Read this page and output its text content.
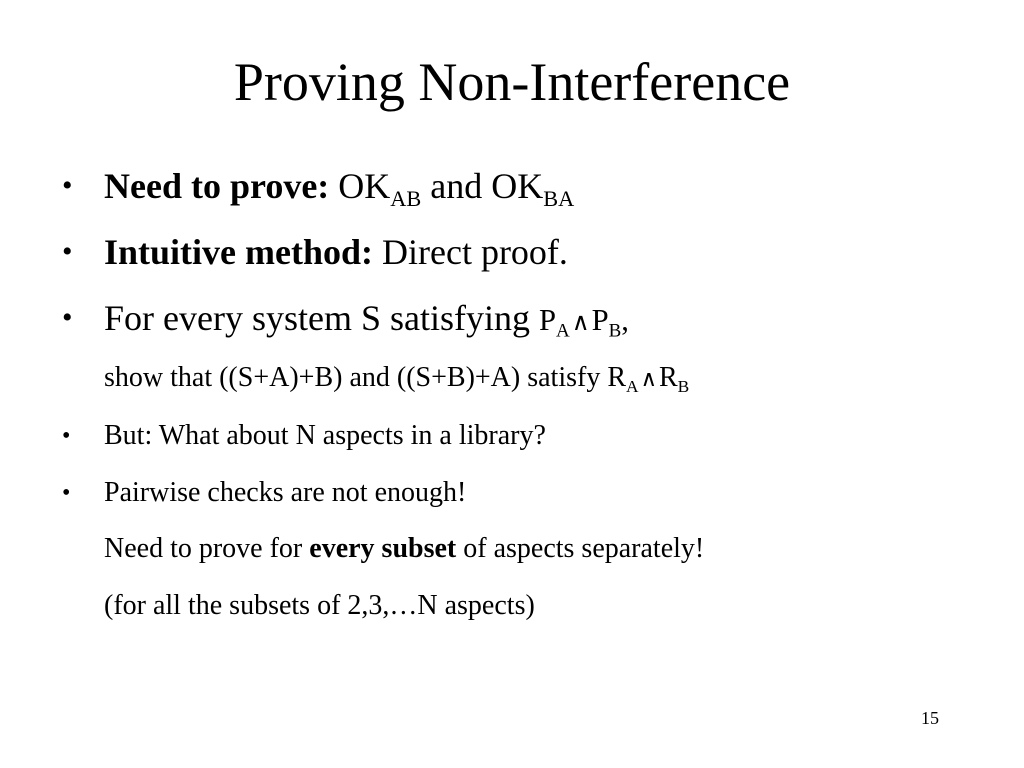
Proving Non-Interference
• Need to prove: $OK_{AB}$ and $OK_{BA}$
• Intuitive method: Direct proof.
• For every system S satisfying $P_A\wedge P_B$,
show that ((S+A)+B) and ((S+B)+A) satisfy $R_A\wedge R_B$
• But: What about N aspects in a library?
• Pairwise checks are not enough!
Need to prove for every subset of aspects separately!
(for all the subsets of 2,3,…N aspects)
15
